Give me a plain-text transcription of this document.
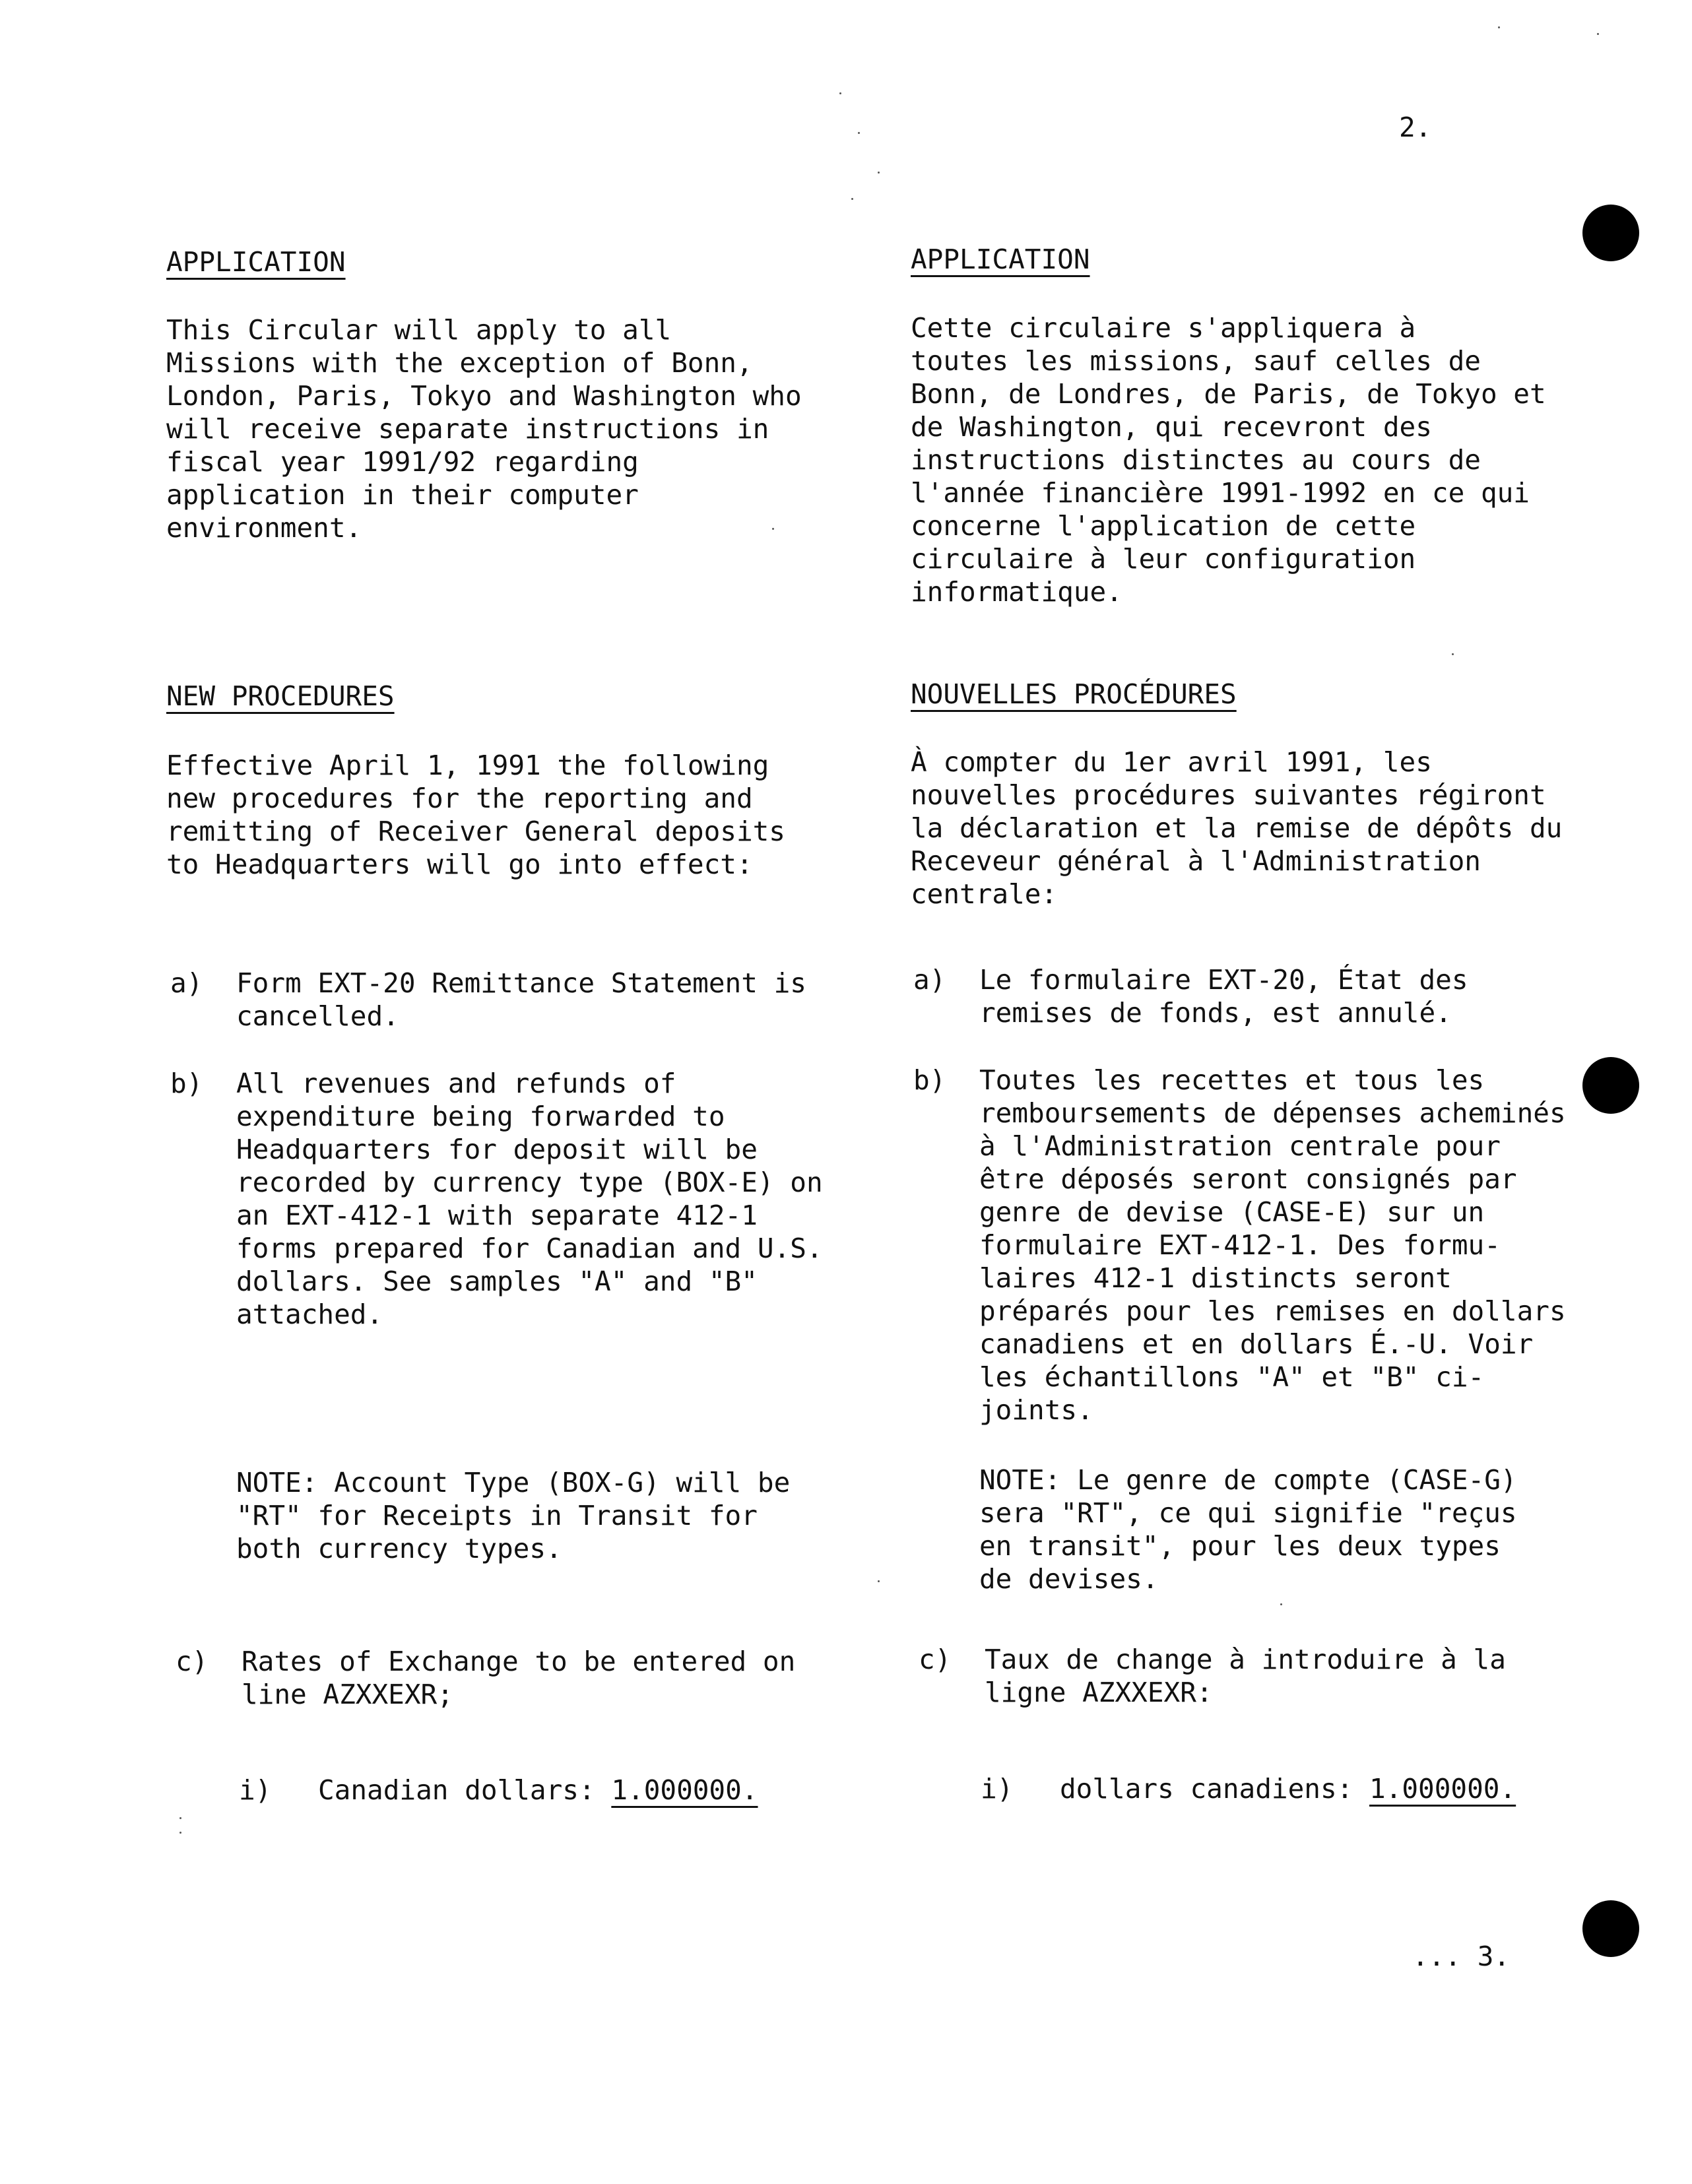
2.
APPLICATION
This Circular will apply to all
Missions with the exception of Bonn,
London, Paris, Tokyo and Washington who
will receive separate instructions in
fiscal year 1991/92 regarding
application in their computer
environment.
NEW PROCEDURES
Effective April 1, 1991 the following
new procedures for the reporting and
remitting of Receiver General deposits
to Headquarters will go into effect:
a)	Form EXT-20 Remittance Statement is
cancelled.
b)	All revenues and refunds of
expenditure being forwarded to
Headquarters for deposit will be
recorded by currency type (BOX-E) on
an EXT-412-1 with separate 412-1
forms prepared for Canadian and U.S.
dollars. See samples "A" and "B"
attached.
NOTE: Account Type (BOX-G) will be
"RT" for Receipts in Transit for
both currency types.
c)	Rates of Exchange to be entered on
line AZXXEXR;
i)	Canadian dollars: 1.000000.
APPLICATION
Cette circulaire s'appliquera à
toutes les missions, sauf celles de
Bonn, de Londres, de Paris, de Tokyo et
de Washington, qui recevront des
instructions distinctes au cours de
l'année financière 1991-1992 en ce qui
concerne l'application de cette
circulaire à leur configuration
informatique.
NOUVELLES PROCÉDURES
À compter du 1er avril 1991, les
nouvelles procédures suivantes régiront
la déclaration et la remise de dépôts du
Receveur général à l'Administration
centrale:
a)	Le formulaire EXT-20, État des
remises de fonds, est annulé.
b)	Toutes les recettes et tous les
remboursements de dépenses acheminés
à l'Administration centrale pour
être déposés seront consignés par
genre de devise (CASE-E) sur un
formulaire EXT-412-1. Des formu-
laires 412-1 distincts seront
préparés pour les remises en dollars
canadiens et en dollars É.-U. Voir
les échantillons "A" et "B" ci-
joints.
NOTE: Le genre de compte (CASE-G)
sera "RT", ce qui signifie "reçus
en transit", pour les deux types
de devises.
c)	Taux de change à introduire à la
ligne AZXXEXR:
i)	dollars canadiens: 1.000000.
... 3.
